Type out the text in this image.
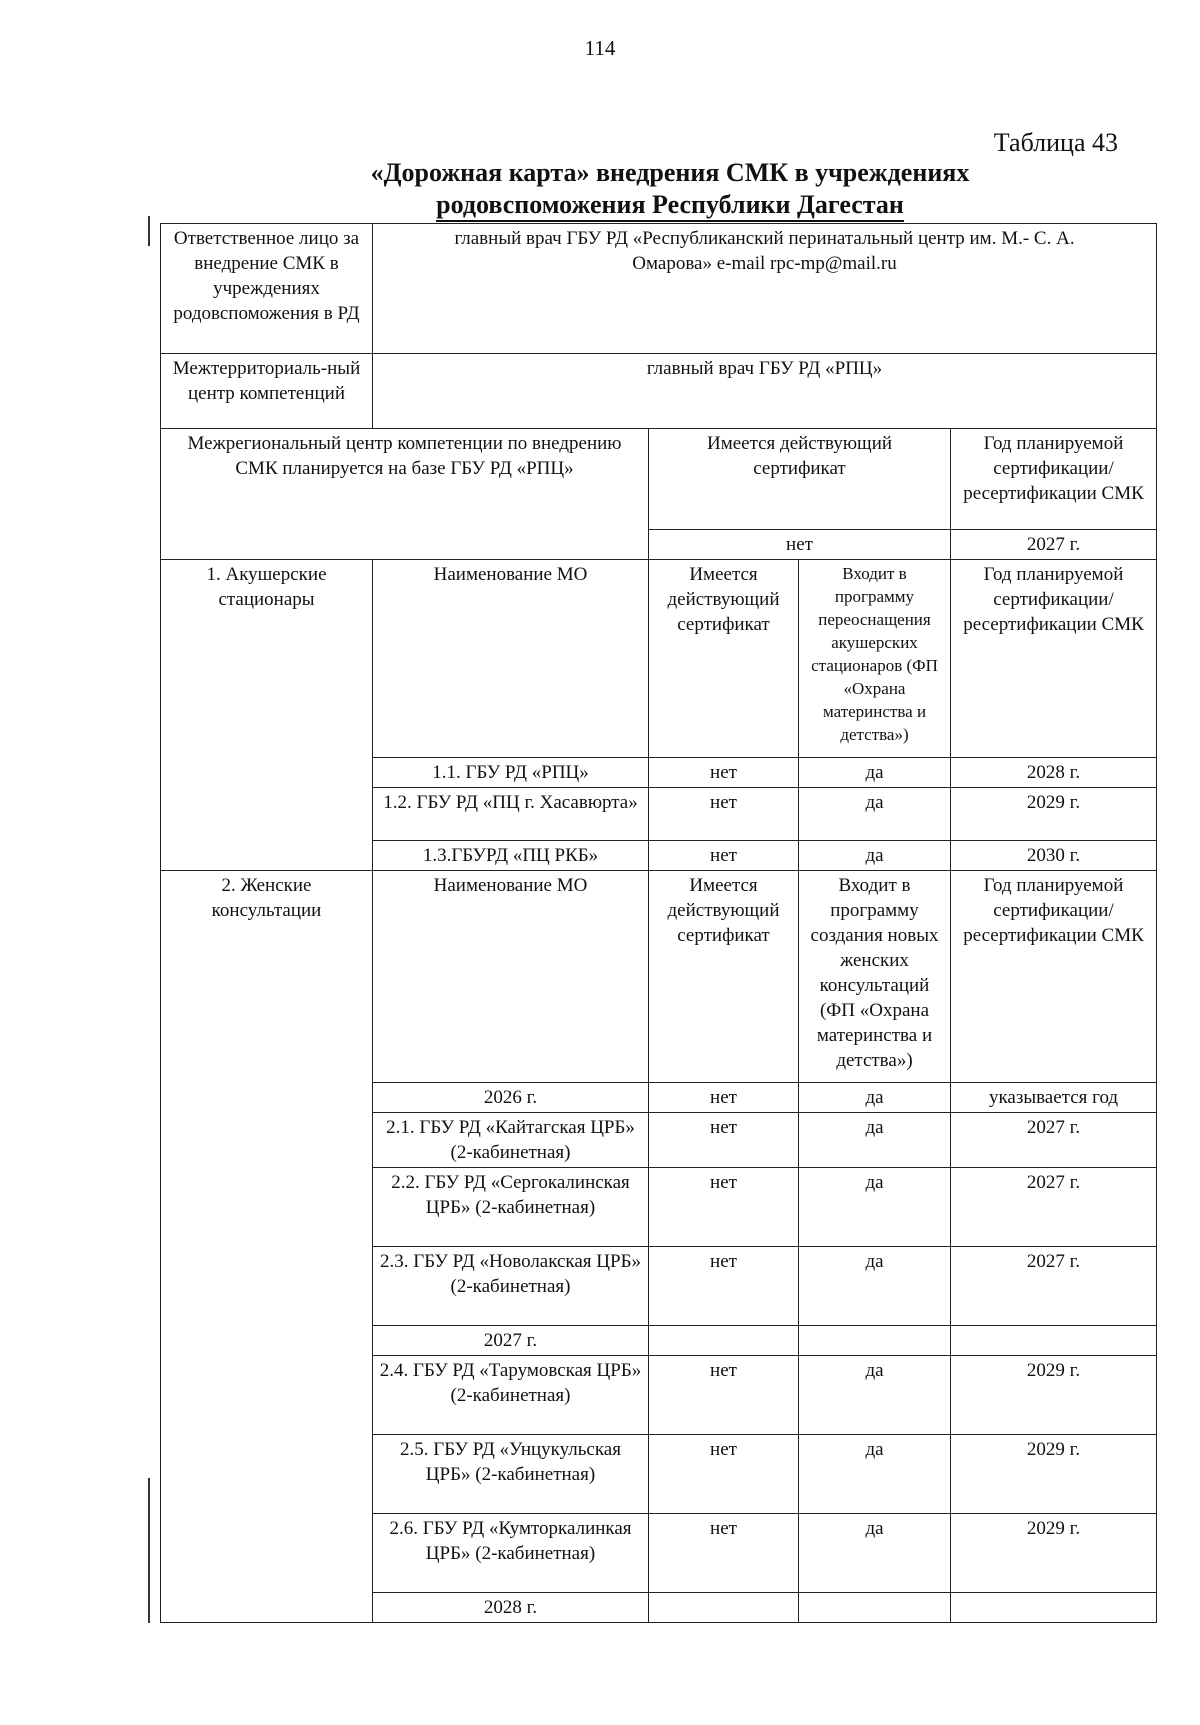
114
Таблица 43
«Дорожная карта» внедрения СМК в учреждениях
родовспоможения Республики Дагестан
Ответственное лицо за внедрение СМК в учреждениях родовспоможения в РД	главный врач ГБУ РД «Республиканский перинатальный центр им. М.- С. А. Омарова» e-mail rpc-mp@mail.ru			
Межтерриториаль-ный центр компетенций	главный врач ГБУ РД «РПЦ»			
Межрегиональный центр компетенции по внедрению СМК планируется на базе ГБУ РД «РПЦ»		Имеется действующий сертификат		Год планируемой сертификации/ ресертификации СМК
		нет		2027 г.
1. Акушерские стационары	Наименование МО	Имеется действующий сертификат	Входит в программу переоснащения акушерских стационаров (ФП «Охрана материнства и детства»)	Год планируемой сертификации/ ресертификации СМК
	1.1. ГБУ РД «РПЦ»	нет	да	2028 г.
	1.2. ГБУ РД «ПЦ г. Хасавюрта»	нет	да	2029 г.
	1.3.ГБУРД «ПЦ РКБ»	нет	да	2030 г.
2. Женские консультации	Наименование МО	Имеется действующий сертификат	Входит в программу создания новых женских консультаций (ФП «Охрана материнства и детства»)	Год планируемой сертификации/ ресертификации СМК
	2026 г.	нет	да	указывается год
	2.1. ГБУ РД «Кайтагская ЦРБ» (2-кабинетная)	нет	да	2027 г.
	2.2. ГБУ РД «Сергокалинская ЦРБ» (2-кабинетная)	нет	да	2027 г.
	2.3. ГБУ РД «Новолакская ЦРБ» (2-кабинетная)	нет	да	2027 г.
	2027 г.			
	2.4. ГБУ РД «Тарумовская ЦРБ» (2-кабинетная)	нет	да	2029 г.
	2.5. ГБУ РД «Унцукульская ЦРБ» (2-кабинетная)	нет	да	2029 г.
	2.6. ГБУ РД «Кумторкалинкая ЦРБ» (2-кабинетная)	нет	да	2029 г.
	2028 г.			
